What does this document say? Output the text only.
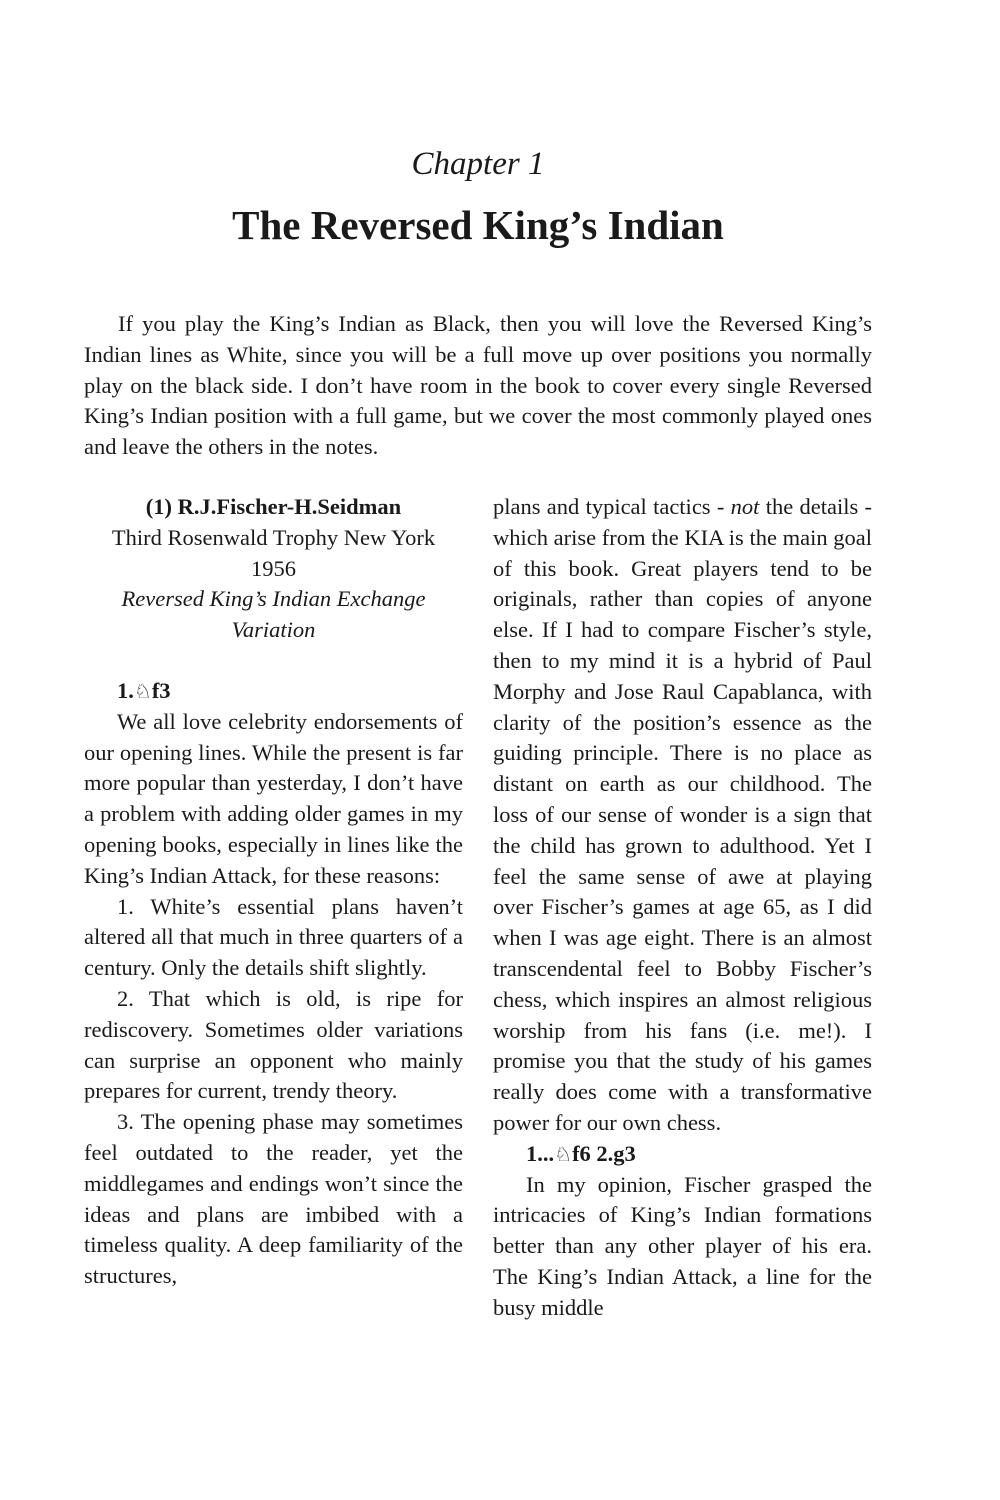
Chapter 1
The Reversed King’s Indian

If you play the King’s Indian as Black, then you will love the Reversed King’s Indian lines as White, since you will be a full move up over positions you normally play on the black side. I don’t have room in the book to cover every single Reversed King’s Indian position with a full game, but we cover the most commonly played ones and leave the others in the notes.

(1) R.J.Fischer-H.Seidman
Third Rosenwald Trophy New York
1956
Reversed King’s Indian Exchange
Variation

1.♘f3

We all love celebrity endorsements of our opening lines. While the present is far more popular than yesterday, I don’t have a problem with adding older games in my opening books, especially in lines like the King’s Indian Attack, for these reasons:

1. White’s essential plans haven’t altered all that much in three quarters of a century. Only the details shift slightly.

2. That which is old, is ripe for rediscovery. Sometimes older variations can surprise an opponent who mainly prepares for current, trendy theory.

3. The opening phase may sometimes feel outdated to the reader, yet the middlegames and endings won’t since the ideas and plans are imbibed with a timeless quality. A deep familiarity of the structures,

plans and typical tactics - not the details - which arise from the KIA is the main goal of this book. Great players tend to be originals, rather than copies of anyone else. If I had to compare Fischer’s style, then to my mind it is a hybrid of Paul Morphy and Jose Raul Capablanca, with clarity of the position’s essence as the guiding principle. There is no place as distant on earth as our childhood. The loss of our sense of wonder is a sign that the child has grown to adulthood. Yet I feel the same sense of awe at playing over Fischer’s games at age 65, as I did when I was age eight. There is an almost transcendental feel to Bobby Fischer’s chess, which inspires an almost religious worship from his fans (i.e. me!). I promise you that the study of his games really does come with a transformative power for our own chess.

1...♘f6 2.g3

In my opinion, Fischer grasped the intricacies of King’s Indian formations better than any other player of his era. The King’s Indian Attack, a line for the busy middle
